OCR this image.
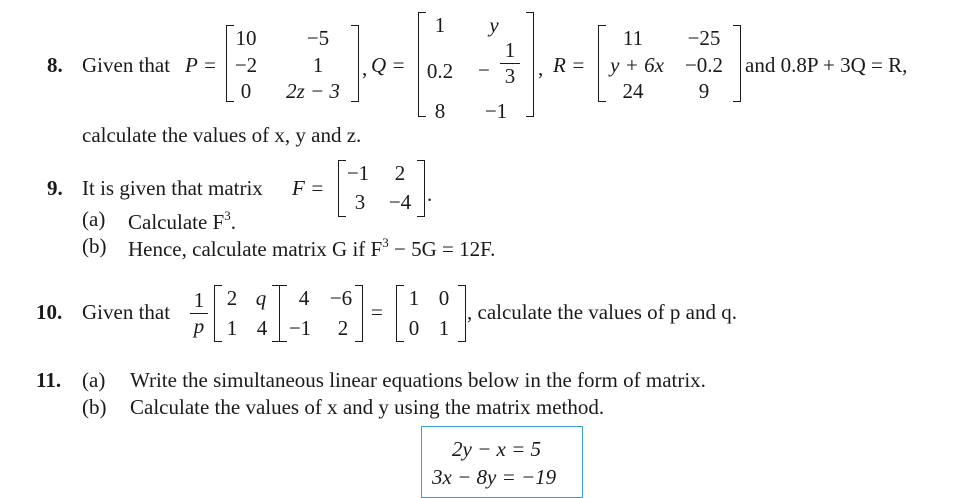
8. Given that P =
10 −5
−2	1
0 2z − 3
, Q =
1 y
0.2 −
1
3
8 −1
, R =
11 −25
y + 6x −0.2
24	9
and 0.8P + 3Q = R,
calculate the values of x, y and z.
9. It is given that matrix F =
−1 2
3 −4 .
(a) Calculate $F^3$.
(b) Hence, calculate matrix G if $F^3 - 5G = 12F$.
10. Given that 1
p
2 q
1 4
4 −6
−1 2
=
1 0
0 1
, calculate the values of p and q.
11. (a) Write the simultaneous linear equations below in the form of matrix.
(b) Calculate the values of x and y using the matrix method.
2y − x = 5
3x − 8y = −19
